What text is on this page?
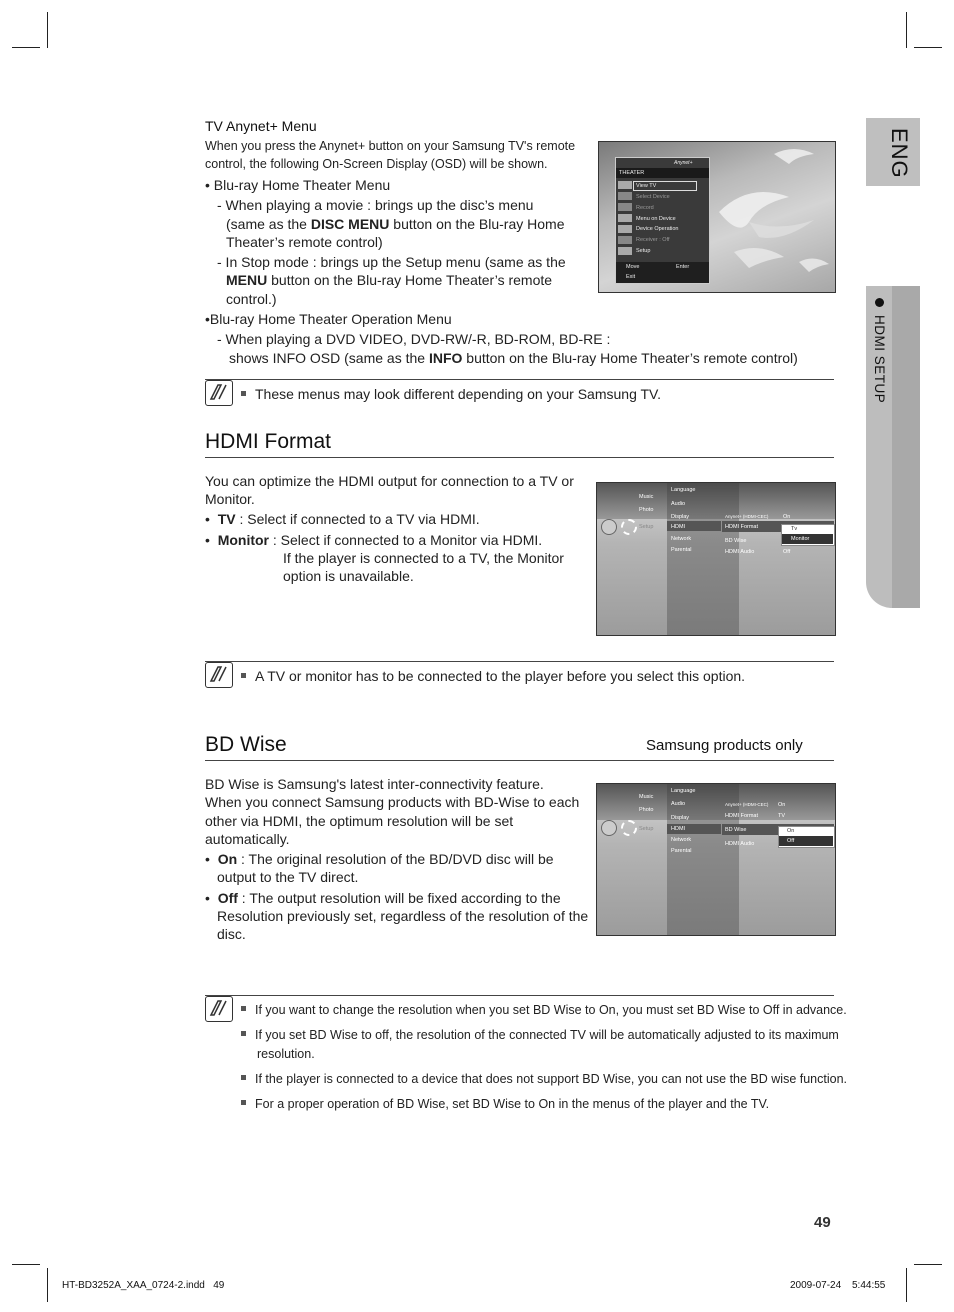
ENG
HDMI SETUP
TV Anynet+ Menu
When you press the Anynet+ button on your Samsung TV's remote
control, the following On-Screen Display (OSD) will be shown.
• Blu-ray Home Theater Menu
- When playing a movie : brings up the disc’s menu
(same as the DISC MENU button on the Blu-ray Home
Theater’s remote control)
- In Stop mode : brings up the Setup menu (same as the
MENU button on the Blu-ray Home Theater’s remote
control.)
•Blu-ray Home Theater Operation Menu
- When playing a DVD VIDEO, DVD-RW/-R, BD-ROM, BD-RE :
shows INFO OSD (same as the INFO button on the Blu-ray Home Theater’s remote control)
Anynet+
THEATER
View TV
Select Device
Record
Menu on Device
Device Operation
Receiver : Off
Setup
Move	Enter
Exit
These menus may look different depending on your Samsung TV.
HDMI Format
You can optimize the HDMI output for connection to a TV or
Monitor.
•  TV : Select if connected to a TV via HDMI.
•  Monitor : Select if connected to a Monitor via HDMI.
If the player is connected to a TV, the Monitor
option is unavailable.
Music
Photo
Setup
Language
Audio
Display
HDMI
Network
Parental
Anynet+ (HDMI-CEC)	On
HDMI Format
BD Wise
HDMI Audio	Off
Tv
Monitor
A TV or monitor has to be connected to the player before you select this option.
BD Wise	Samsung products only
BD Wise is Samsung's latest inter-connectivity feature.
When you connect Samsung products with BD-Wise to each
other via HDMI, the optimum resolution will be set
automatically.
•  On : The original resolution of the BD/DVD disc will be
output to the TV direct.
•  Off : The output resolution will be fixed according to the
Resolution previously set, regardless of the resolution of the
disc.
Music
Photo
Setup
Language
Audio
Display
HDMI
Network
Parental
Anynet+ (HDMI-CEC) On
HDMI Format	TV
BD Wise
HDMI Audio
On
Off
If you want to change the resolution when you set BD Wise to On, you must set BD Wise to Off in advance.
If you set BD Wise to off, the resolution of the connected TV will be automatically adjusted to its maximum
resolution.
If the player is connected to a device that does not support BD Wise, you can not use the BD wise function.
For a proper operation of BD Wise, set BD Wise to On in the menus of the player and the TV.
49
HT-BD3252A_XAA_0724-2.indd   49	2009-07-24 5:44:55
